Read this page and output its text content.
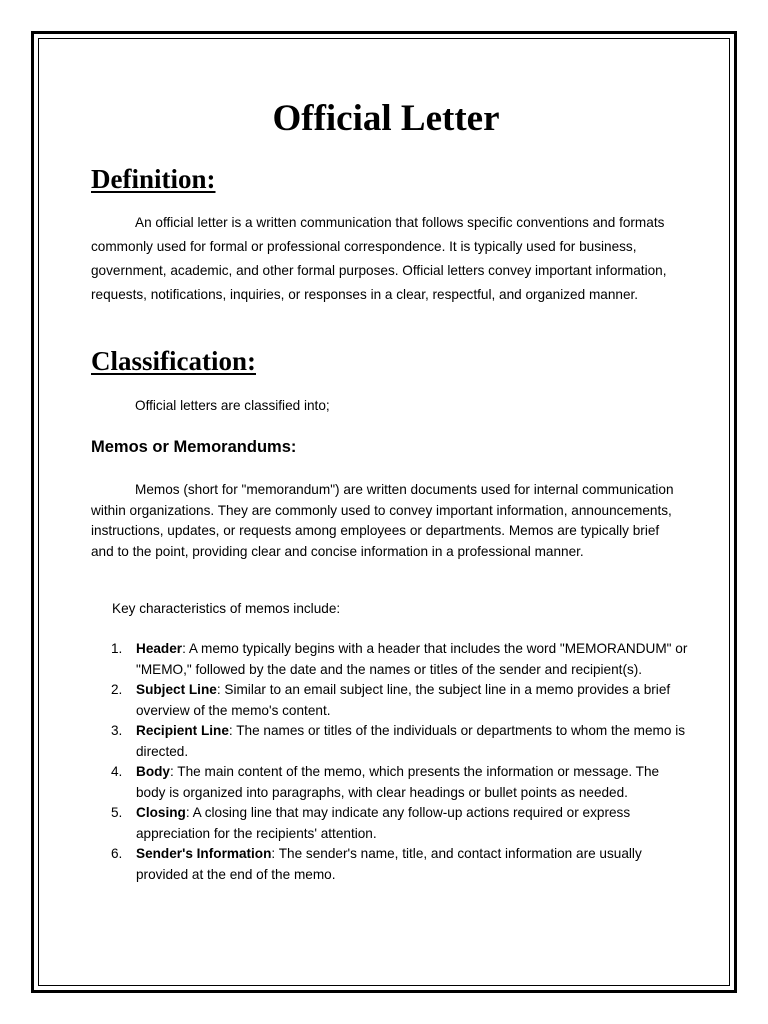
Official Letter
Definition:

An official letter is a written communication that follows specific conventions and formats commonly used for formal or professional correspondence. It is typically used for business, government, academic, and other formal purposes. Official letters convey important information, requests, notifications, inquiries, or responses in a clear, respectful, and organized manner.

Classification:

Official letters are classified into;

Memos or Memorandums:

Memos (short for "memorandum") are written documents used for internal communication within organizations. They are commonly used to convey important information, announcements, instructions, updates, or requests among employees or departments. Memos are typically brief and to the point, providing clear and concise information in a professional manner.

Key characteristics of memos include:

1. Header: A memo typically begins with a header that includes the word "MEMORANDUM" or "MEMO," followed by the date and the names or titles of the sender and recipient(s).
2. Subject Line: Similar to an email subject line, the subject line in a memo provides a brief overview of the memo's content.
3. Recipient Line: The names or titles of the individuals or departments to whom the memo is directed.
4. Body: The main content of the memo, which presents the information or message. The body is organized into paragraphs, with clear headings or bullet points as needed.
5. Closing: A closing line that may indicate any follow-up actions required or express appreciation for the recipients' attention.
6. Sender's Information: The sender's name, title, and contact information are usually provided at the end of the memo.
